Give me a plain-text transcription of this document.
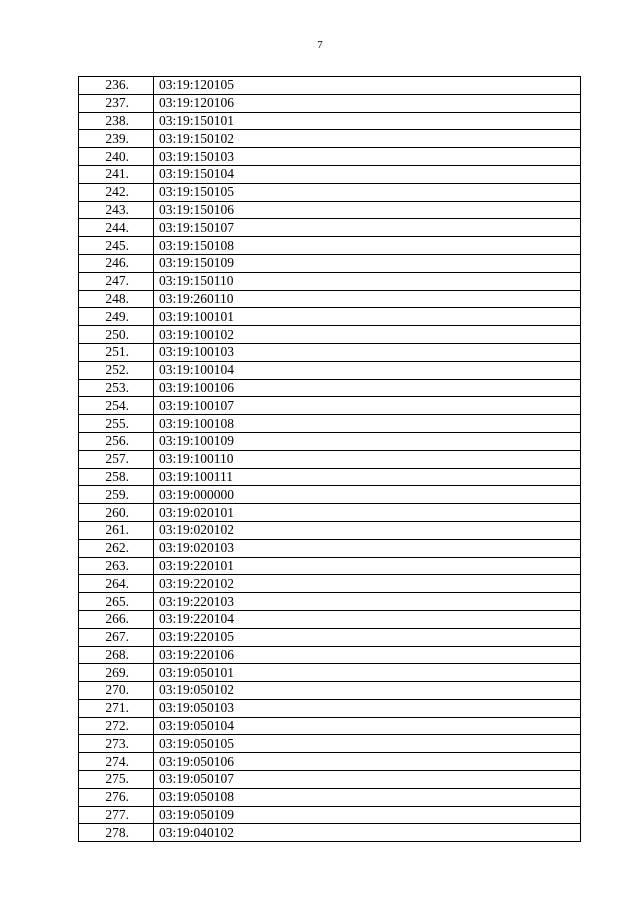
7
236.	03:19:120105
237.	03:19:120106
238.	03:19:150101
239.	03:19:150102
240.	03:19:150103
241.	03:19:150104
242.	03:19:150105
243.	03:19:150106
244.	03:19:150107
245.	03:19:150108
246.	03:19:150109
247.	03:19:150110
248.	03:19:260110
249.	03:19:100101
250.	03:19:100102
251.	03:19:100103
252.	03:19:100104
253.	03:19:100106
254.	03:19:100107
255.	03:19:100108
256.	03:19:100109
257.	03:19:100110
258.	03:19:100111
259.	03:19:000000
260.	03:19:020101
261.	03:19:020102
262.	03:19:020103
263.	03:19:220101
264.	03:19:220102
265.	03:19:220103
266.	03:19:220104
267.	03:19:220105
268.	03:19:220106
269.	03:19:050101
270.	03:19:050102
271.	03:19:050103
272.	03:19:050104
273.	03:19:050105
274.	03:19:050106
275.	03:19:050107
276.	03:19:050108
277.	03:19:050109
278.	03:19:040102
